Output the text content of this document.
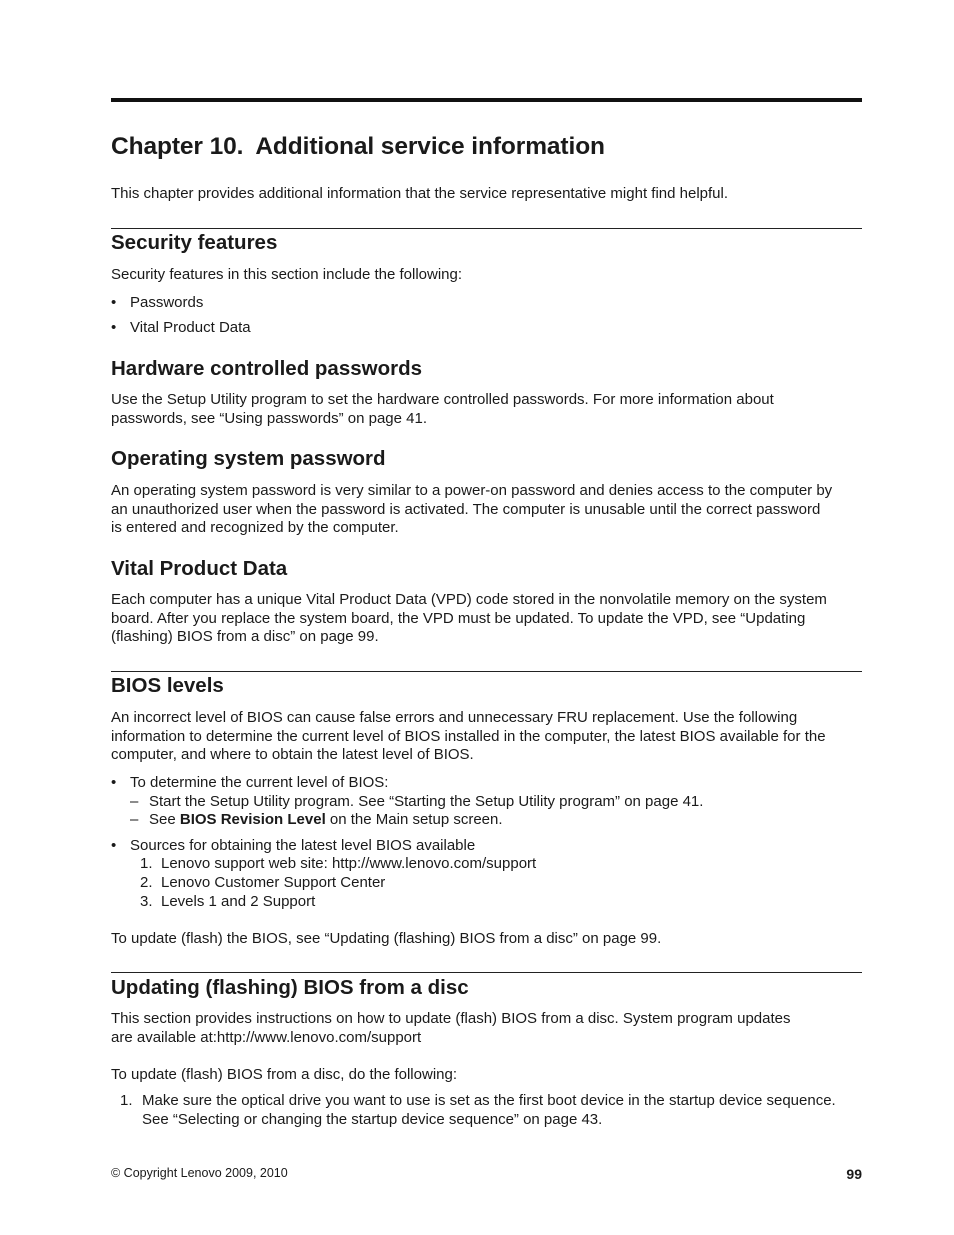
Chapter 10. Additional service information

This chapter provides additional information that the service representative might find helpful.

Security features

Security features in this section include the following:

• Passwords
• Vital Product Data
Hardware controlled passwords

Use the Setup Utility program to set the hardware controlled passwords. For more information about

passwords, see “Using passwords” on page 41.

Operating system password

An operating system password is very similar to a power-on password and denies access to the computer by

an unauthorized user when the password is activated. The computer is unusable until the correct password

is entered and recognized by the computer.

Vital Product Data

Each computer has a unique Vital Product Data (VPD) code stored in the nonvolatile memory on the system

board. After you replace the system board, the VPD must be updated. To update the VPD, see “Updating

(flashing) BIOS from a disc” on page 99.

BIOS levels

An incorrect level of BIOS can cause false errors and unnecessary FRU replacement. Use the following

information to determine the current level of BIOS installed in the computer, the latest BIOS available for the

computer, and where to obtain the latest level of BIOS.

• To determine the current level of BIOS:
– Start the Setup Utility program. See “Starting the Setup Utility program” on page 41.
– See BIOS Revision Level on the Main setup screen.
• Sources for obtaining the latest level BIOS available
1. Lenovo support web site: http://www.lenovo.com/support
2. Lenovo Customer Support Center
3. Levels 1 and 2 Support

To update (flash) the BIOS, see “Updating (flashing) BIOS from a disc” on page 99.

Updating (flashing) BIOS from a disc

This section provides instructions on how to update (flash) BIOS from a disc. System program updates

are available at:http://www.lenovo.com/support

To update (flash) BIOS from a disc, do the following:

1. Make sure the optical drive you want to use is set as the first boot device in the startup device sequence.
See “Selecting or changing the startup device sequence” on page 43.
© Copyright Lenovo 2009, 2010	99
